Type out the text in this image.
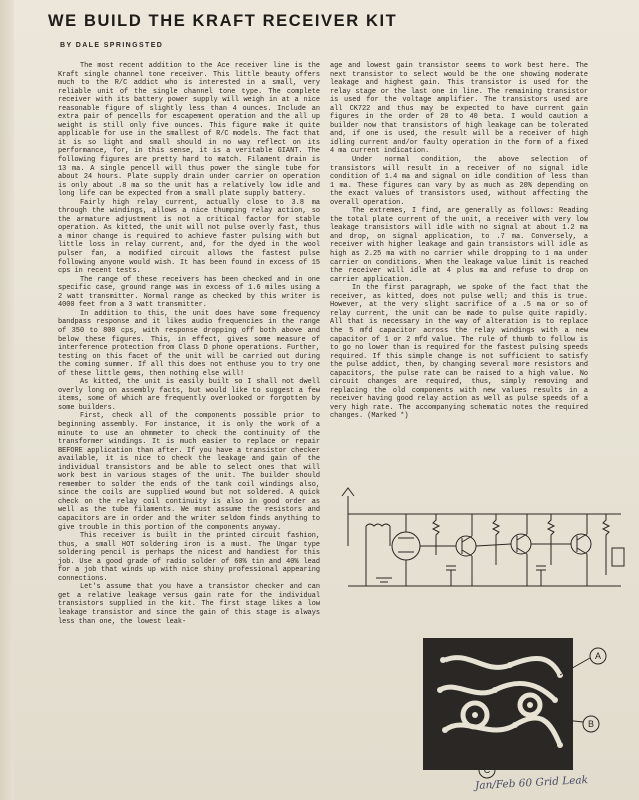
WE BUILD THE KRAFT RECEIVER KIT
BY DALE SPRINGSTED

The most recent addition to the Ace receiver line is the Kraft single channel tone receiver. This little beauty offers much to the R/C addict who is interested in a small, very reliable unit of the single channel tone type. The complete receiver with its battery power supply will weigh in at a nice reasonable figure of slightly less than 4 ounces. Include an extra pair of pencells for escapement operation and the all up weight is still only five ounces. This figure make it quite applicable for use in the smallest of R/C models. The fact that it is so light and small should in no way reflect on its performance, for, in this sense, it is a veritable GIANT. The following figures are pretty hard to match. Filament drain is 13 ma. A single pencell will thus power the single tube for about 24 hours. Plate supply drain under carrier on operation is only about .8 ma so the unit has a relatively low idle and long life can be expected from a small plate supply battery.

Fairly high relay current, actually close to 3.8 ma through the windings, allows a nice thumping relay action, so the armature adjustment is not a critical factor for stable operation. As kitted, the unit will not pulse overly fast, thus a minor change is required to achieve faster pulsing with but little loss in relay current, and, for the dyed in the wool pulser fan, a modified circuit allows the fastest pulse following anyone would wish. It has been found in excess of 15 cps in recent tests.

The range of these receivers has been checked and in one specific case, ground range was in excess of 1.6 miles using a 2 watt transmitter. Normal range as checked by this writer is 4000 feet from a 3 watt transmitter.

In addition to this, the unit does have some frequency bandpass response and it likes audio frequencies in the range of 350 to 800 cps, with response dropping off both above and below these figures. This, in effect, gives some measure of interference protection from Class D phone operations. Further, testing on this facet of the unit will be carried out during the coming summer. If all this does not enthuse you to try one of these little gems, then nothing else will!

As kitted, the unit is easily built so I shall not dwell overly long on assembly facts, but would like to suggest a few items, some of which are frequently overlooked or forgotten by some builders.

First, check all of the components possible prior to beginning assembly. For instance, it is only the work of a minute to use an ohmmeter to check the continuity of the transformer windings. It is much easier to replace or repair BEFORE application than after. If you have a transistor checker available, it is nice to check the leakage and gain of the individual transistors and be able to select ones that will work best in various stages of the unit. The builder should remember to solder the ends of the tank coil windings also, since the coils are supplied wound but not soldered. A quick check on the relay coil continuity is also in good order as well as the tube filaments. We must assume the resistors and capacitors are in order and the writer seldom finds anything to give trouble in this portion of the components anyway.

This receiver is built in the printed circuit fashion, thus, a small HOT soldering iron is a must. The Ungar type soldering pencil is perhaps the nicest and handiest for this job. Use a good grade of radio solder of 60% tin and 40% lead for a job that winds up with nice shiny professional appearing connections.

Let's assume that you have a transistor checker and can get a relative leakage versus gain rate for the individual transistors supplied in the kit. The first stage likes a low leakage transistor and since the gain of this stage is always less than one, the lowest leak-

age and lowest gain transistor seems to work best here. The next transistor to select would be the one showing moderate leakage and highest gain. This transistor is used for the relay stage or the last one in line. The remaining transistor is used for the voltage amplifier. The transistors used are all CK722 and thus may be expected to have current gain figures in the order of 20 to 40 beta. I would caution a builder now that transistors of high leakage can be tolerated and, if one is used, the result will be a receiver of high idling current and/or faulty operation in the form of a fixed 4 ma current indication.

Under normal condition, the above selection of transistors will result in a receiver of no signal idle condition of 1.4 ma and signal on idle condition of less than 1 ma. These figures can vary by as much as 20% depending on the exact values of transistors used, without affecting the overall operation.

The extremes, I find, are generally as follows: Reading the total plate current of the unit, a receiver with very low leakage transistors will idle with no signal at about 1.2 ma and drop, on signal application, to .7 ma. Conversely, a receiver with higher leakage and gain transistors will idle as high as 2.25 ma with no carrier while dropping to 1 ma under carrier on conditions. When the leakage value limit is reached the receiver will idle at 4 plus ma and refuse to drop on carrier application.

In the first paragraph, we spoke of the fact that the receiver, as kitted, does not pulse well; and this is true. However, at the very slight sacrifice of a .5 ma or so of relay current, the unit can be made to pulse quite rapidly. All that is necessary in the way of alteration is to replace the 5 mfd capacitor across the relay windings with a new capacitor of 1 or 2 mfd value. The rule of thumb to follow is to go no lower than is required for the fastest pulsing speeds required. If this simple change is not sufficient to satisfy the pulse addict, then, by changing several more resistors and capacitors, the pulse rate can be raised to a high value. No circuit changes are required, thus, simply removing and replacing the old components with new values results in a receiver having good relay action as well as pulse speeds of a very high rate. The accompanying schematic notes the required changes. (Marked *)

A
B
C
Jan/Feb 60 Grid Leak
